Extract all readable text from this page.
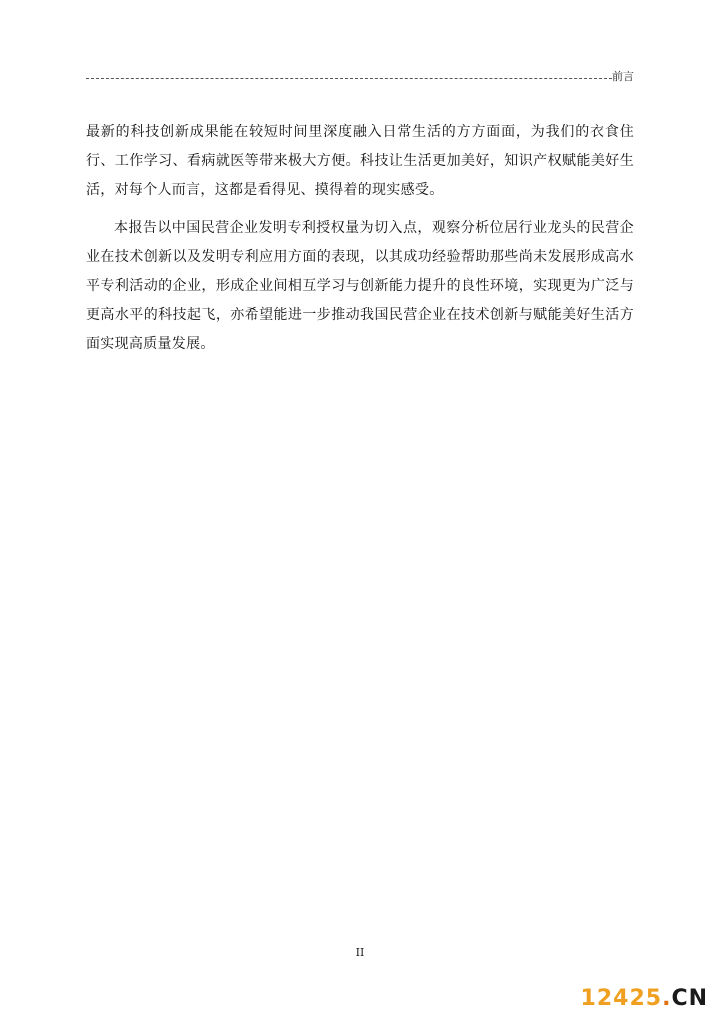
前言

最新的科技创新成果能在较短时间里深度融入日常生活的方方面面，为我们的衣食住行、工作学习、看病就医等带来极大方便。科技让生活更加美好，知识产权赋能美好生活，对每个人而言，这都是看得见、摸得着的现实感受。

本报告以中国民营企业发明专利授权量为切入点，观察分析位居行业龙头的民营企业在技术创新以及发明专利应用方面的表现，以其成功经验帮助那些尚未发展形成高水平专利活动的企业，形成企业间相互学习与创新能力提升的良性环境，实现更为广泛与更高水平的科技起飞，亦希望能进一步推动我国民营企业在技术创新与赋能美好生活方面实现高质量发展。

II
12425.CN
